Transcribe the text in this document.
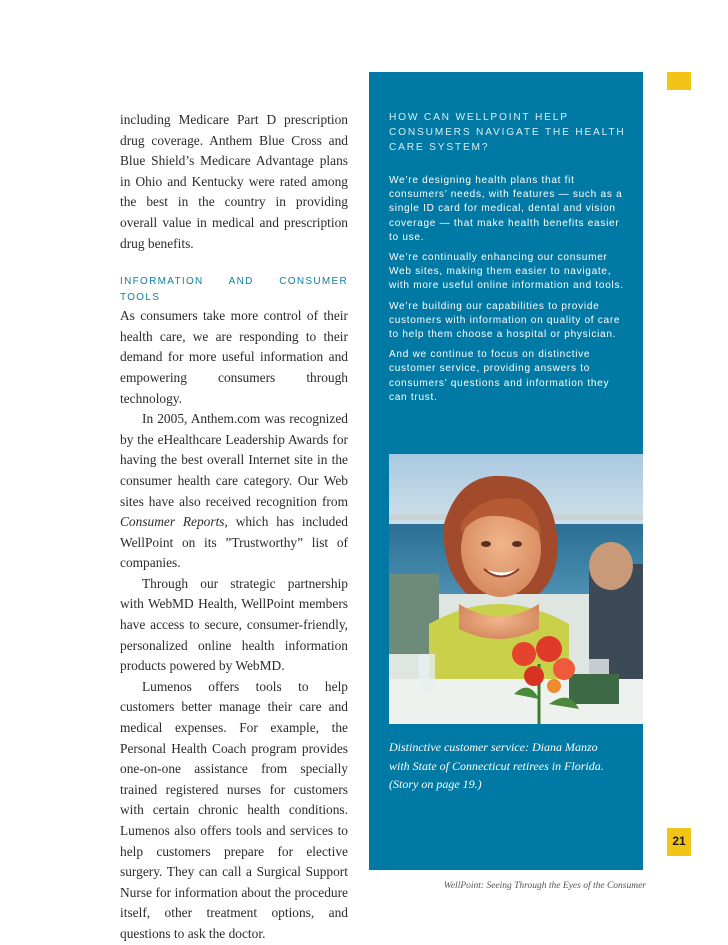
21

including Medicare Part D prescription drug coverage. Anthem Blue Cross and Blue Shield’s Medicare Advantage plans in Ohio and Kentucky were rated among the best in the country in providing overall value in medical and prescription drug benefits.

INFORMATION AND CONSUMER TOOLS

As consumers take more control of their health care, we are responding to their demand for more useful information and empowering consumers through technology.

In 2005, Anthem.com was recognized by the eHealthcare Leadership Awards for having the best overall Internet site in the consumer health care category. Our Web sites have also received recognition from Consumer Reports, which has included WellPoint on its ”Trustworthy” list of companies.

Through our strategic partnership with WebMD Health, WellPoint members have access to secure, consumer-friendly, personalized online health information products powered by WebMD.

Lumenos offers tools to help customers better manage their care and medical expenses. For example, the Personal Health Coach program provides one-on-one assistance from specially trained registered nurses for customers with certain chronic health conditions. Lumenos also offers tools and services to help customers prepare for elective surgery. They can call a Surgical Support Nurse for information about the procedure itself, other treatment options, and questions to ask the doctor.

HOW CAN WELLPOINT HELP CONSUMERS NAVIGATE THE HEALTH CARE SYSTEM?

We’re designing health plans that fit consumers’ needs, with features — such as a single ID card for medical, dental and vision coverage — that make health benefits easier to use.

We’re continually enhancing our consumer Web sites, making them easier to navigate, with more useful online information and tools.

We’re building our capabilities to provide customers with information on quality of care to help them choose a hospital or physician.

And we continue to focus on distinctive customer service, providing answers to consumers’ questions and information they can trust.

Distinctive customer service: Diana Manzo

with State of Connecticut retirees in Florida.

(Story on page 19.)

WellPoint: Seeing Through the Eyes of the Consumer
